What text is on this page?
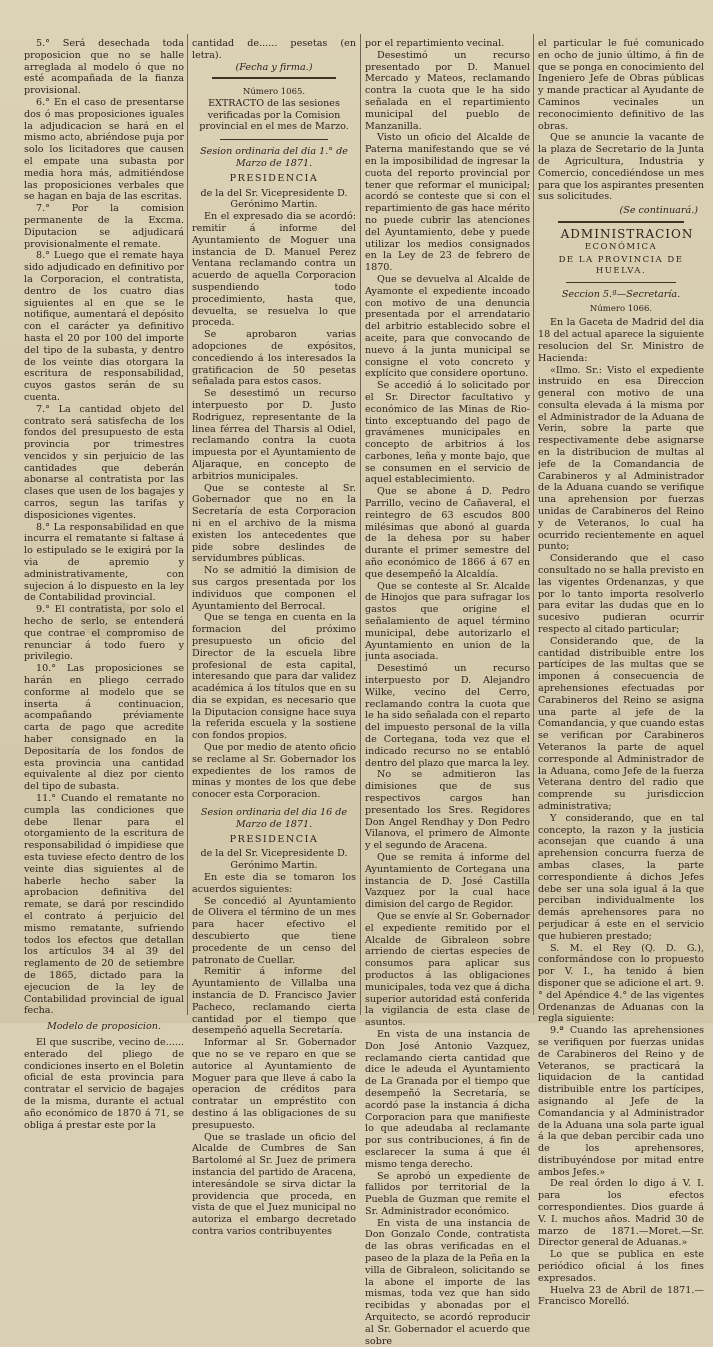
5.° Será desechada toda proposicion que no se halle arreglada al modelo ó que no esté acompañada de la fianza provisional.

6.° En el caso de presentarse dos ó mas proposiciones iguales la adjudicacion se hará en el mismo acto, abriéndose puja por solo los licitadores que causen el empate una subasta por media hora más, admitiéndose las proposiciones verbales que se hagan en baja de las escritas.

7.° Por la comision permanente de la Excma. Diputacion se adjudicará provisionalmente el remate.

8.° Luego que el remate haya sido adjudicado en definitivo por la Corporacion, el contratista, dentro de los cuatro dias siguientes al en que se le notifique, aumentará el depósito con el carácter ya definitivo hasta el 20 por 100 del importe del tipo de la subasta, y dentro de los veinte dias otorgara la escritura de responsabilidad, cuyos gastos serán de su cuenta.

7.° La cantidad objeto del contrato será satisfecha de los fondos del presupuesto de esta provincia por trimestres vencidos y sin perjuicio de las cantidades que deberán abonarse al contratista por las clases que usen de los bagajes y carros, segun las tarifas y disposiciones vigentes.

8.° La responsabilidad en que incurra el rematante si faltase á lo estipulado se le exigirá por la via de apremio y administrativamente, con sujecion á lo dispuesto en la ley de Contabilidad provincial.

9.° El contratista, por solo el hecho de serlo, se entenderá que contrae el compromiso de renunciar á todo fuero y privilegio.

10.° Las proposiciones se harán en pliego cerrado conforme al modelo que se inserta á continuacion, acompañando préviamente carta de pago que acredite haber consignado en la Depositaría de los fondos de esta provincia una cantidad equivalente al diez por ciento del tipo de subasta.

11.° Cuando el rematante no cumpla las condiciones que debe llenar para el otorgamiento de la escritura de responsabilidad ó impidiese que esta tuviese efecto dentro de los veinte dias siguientes al de haberle hecho saber la aprobacion definitiva del remate, se dará por rescindido el contrato á perjuicio del mismo rematante, sufriendo todos los efectos que detallan los artículos 34 al 39 del reglamento de 20 de setiembre de 1865, dictado para la ejecucion de la ley de Contabilidad provincial de igual fecha.

Modelo de proposicion.

El que suscribe, vecino de...... enterado del pliego de condiciones inserto en el Boletin oficial de esta provincia para contratar el servicio de bagajes de la misma, durante el actual año económico de 1870 á 71, se obliga á prestar este por la

cantidad de...... pesetas (en letra).

(Fecha y firma.)

Número 1065.

EXTRACTO de las sesiones verificadas por la Comision provincial en el mes de Marzo.

Sesion ordinaria del dia 1.° de Marzo de 1871.

PRESIDENCIA

de la del Sr. Vicepresidente D. Gerónimo Martin.

En el expresado dia se acordó: remitir á informe del Ayuntamiento de Moguer una instancia de D. Manuel Perez Ventana reclamando contra un acuerdo de aquella Corporacion suspendiendo todo procedimiento, hasta que, devuelta, se resuelva lo que proceda.

Se aprobaron varias adopciones de expósitos, concediendo á los interesados la gratificacion de 50 pesetas señalada para estos casos.

Se desestimó un recurso interpuesto por D. Justo Rodriguez, representante de la linea férrea del Tharsis al Odiel, reclamando contra la cuota impuesta por el Ayuntamiento de Aljaraque, en concepto de arbitrios municipales.

Que se conteste al Sr. Gobernador que no en la Secretaría de esta Corporacion ni en el archivo de la misma existen los antecedentes que pide sobre deslindes de servidumbres públicas.

No se admitió la dimision de sus cargos presentada por los individuos que componen el Ayuntamiento del Berrocal.

Que se tenga en cuenta en la formacion del próximo presupuesto un oficio del Director de la escuela libre profesional de esta capital, interesando que para dar validez académica á los títulos que en su dia se expidan, es necesario que la Diputacion consigne hace suya la referida escuela y la sostiene con fondos propios.

Que por medio de atento oficio se reclame al Sr. Gobernador los expedientes de los ramos de minas y montes de los que debe conocer esta Corporacion.

Sesion ordinaria del dia 16 de Marzo de 1871.

PRESIDENCIA

de la del Sr. Vicepresidente D. Gerónimo Martin.

En este dia se tomaron los acuerdos siguientes:

Se concedió al Ayuntamiento de Olivera el término de un mes para hacer efectivo el descubierto que tiene procedente de un censo del patronato de Cuellar.

Remitir á informe del Ayuntamiento de Villalba una instancia de D. Francisco Javier Pacheco, reclamando cierta cantidad por el tiempo que desempeñó aquella Secretaría.

Informar al Sr. Gobernador que no se ve reparo en que se autorice al Ayuntamiento de Moguer para que lleve á cabo la operacion de créditos para contratar un empréstito con destino á las obligaciones de su presupuesto.

Que se traslade un oficio del Alcalde de Cumbres de San Bartolomé al Sr. Juez de primera instancia del partido de Aracena, interesándole se sirva dictar la providencia que proceda, en vista de que el Juez municipal no autoriza el embargo decretado contra varios contribuyentes

por el repartimiento vecinal.

Desestimó un recurso presentado por D. Manuel Mercado y Mateos, reclamando contra la cuota que le ha sido señalada en el repartimiento municipal del pueblo de Manzanilla.

Visto un oficio del Alcalde de Paterna manifestando que se vé en la imposibilidad de ingresar la cuota del reporto provincial por tener que reformar el municipal; acordó se conteste que si con el repartimiento de gas hace mérito no puede cubrir las atenciones del Ayuntamiento, debe y puede utilizar los medios consignados en la Ley de 23 de febrero de 1870.

Que se devuelva al Alcalde de Ayamonte el expediente incoado con motivo de una denuncia presentada por el arrendatario del arbitrio establecido sobre el aceite, para que convocando de nuevo á la junta municipal se consigne el voto concreto y explícito que considere oportuno.

Se accedió á lo solicitado por el Sr. Director facultativo y económico de las Minas de Rio-tinto exceptuando del pago de gravámenes municipales en concepto de arbitrios á los carbones, leña y monte bajo, que se consumen en el servicio de aquel establecimiento.

Que se abone á D. Pedro Parrillo, vecino de Cañaveral, el reintegro de 63 escudos 800 milésimas que abonó al guarda de la dehesa por su haber durante el primer semestre del año económico de 1866 á 67 en que desempeñó la Alcaldía.

Que se conteste al Sr. Alcalde de Hinojos que para sufragar los gastos que origine el señalamiento de aquel término municipal, debe autorizarlo el Ayuntamiento en union de la junta asociada.

Desestimó un recurso interpuesto por D. Alejandro Wilke, vecino del Cerro, reclamando contra la cuota que le ha sido señalada con el reparto del impuesto personal de la villa de Cortegana, toda vez que el indicado recurso no se entabló dentro del plazo que marca la ley.

No se admitieron las dimisiones que de sus respectivos cargos han presentado los Sres. Regidores Don Angel Rendhay y Don Pedro Vilanova, el primero de Almonte y el segundo de Aracena.

Que se remita á informe del Ayuntamiento de Cortegana una instancia de D. José Castilla Vazquez por la cual hace dimision del cargo de Regidor.

Que se envíe al Sr. Gobernador el expediente remitido por el Alcalde de Gibraleon sobre arriendo de ciertas especies de consumos para aplicar sus productos á las obligaciones municipales, toda vez que á dicha superior autoridad está conferida la vigilancia de esta clase de asuntos.

En vista de una instancia de Don José Antonio Vazquez, reclamando cierta cantidad que dice le adeuda el Ayuntamiento de La Granada por el tiempo que desempeñó la Secretaría, se acordó pase la instancia á dicha Corporacion para que manifieste lo que adeudaba al reclamante por sus contribuciones, á fin de esclarecer la suma á que él mismo tenga derecho.

Se aprobó un expediente de fallidos por territorial de la Puebla de Guzman que remite el Sr. Administrador económico.

En vista de una instancia de Don Gonzalo Conde, contratista de las obras verificadas en el paseo de la plaza de la Peña en la villa de Gibraleon, solicitando se la abone el importe de las mismas, toda vez que han sido recibidas y abonadas por el Arquitecto, se acordó reproducir al Sr. Gobernador el acuerdo que sobre

el particular le fué comunicado en ocho de junio último, á fin de que se ponga en conocimiento del Ingeniero Jefe de Obras públicas y mande practicar al Ayudante de Caminos vecinales un reconocimiento definitivo de las obras.

Que se anuncie la vacante de la plaza de Secretario de la Junta de Agricultura, Industria y Comercio, concediéndose un mes para que los aspirantes presenten sus solicitudes.

(Se continuará.)

ADMINISTRACION

ECONÓMICA

DE LA PROVINCIA DE HUELVA.

Seccion 5.ª—Secretaría.

Número 1066.

En la Gaceta de Madrid del dia 18 del actual aparece la siguiente resolucion del Sr. Ministro de Hacienda:

«Ilmo. Sr.: Visto el expediente instruido en esa Direccion general con motivo de una consulta elevada á la misma por el Administrador de la Aduana de Verin, sobre la parte que respectivamente debe asignarse en la distribucion de multas al jefe de la Comandancia de Carabineros y al Administrador de la Aduana cuando se verifique una aprehension por fuerzas unidas de Carabineros del Reino y de Veteranos, lo cual ha ocurrido recientemente en aquel punto;

Considerando que el caso consultado no se halla previsto en las vigentes Ordenanzas, y que por lo tanto importa resolverlo para evitar las dudas que en lo sucesivo pudieran ocurrir respecto al citado particular;

Considerando que, de la cantidad distribuible entre los partícipes de las multas que se imponen á consecuencia de aprehensiones efectuadas por Carabineros del Reino se asigna una parte al jefe de la Comandancia, y que cuando estas se verifican por Carabineros Veteranos la parte de aquel corresponde al Administrador de la Aduana, como Jefe de la fuerza Veterana dentro del radio que comprende su jurisdiccion administrativa;

Y considerando, que en tal concepto, la razon y la justicia aconsejan que cuando á una aprehension concurra fuerza de ambas clases, la parte correspondiente á dichos Jefes debe ser una sola igual á la que perciban individualmente los demás aprehensores para no perjudicar á este en el servicio que hubieren prestado;

S. M. el Rey (Q. D. G.), conformándose con lo propuesto por V. I., ha tenido á bien disponer que se adicione el art. 9.° del Apéndice 4.° de las vigentes Ordenanzas de Aduanas con la regla siguiente:

9.ª Cuando las aprehensiones se verifiquen por fuerzas unidas de Carabineros del Reino y de Veteranos, se practicará la liquidacion de la cantidad distribuible entre los partícipes, asignando al Jefe de la Comandancia y al Administrador de la Aduana una sola parte igual á la que deban percibir cada uno de los aprehensores, distribuyéndose por mitad entre ambos Jefes.»

De real órden lo digo á V. I. para los efectos correspondientes. Dios guarde á V. I. muchos años. Madrid 30 de marzo de 1871.—Moret.—Sr. Director general de Aduanas.»

Lo que se publica en este periódico oficial á los fines expresados.

Huelva 23 de Abril de 1871.—Francisco Morelló.
